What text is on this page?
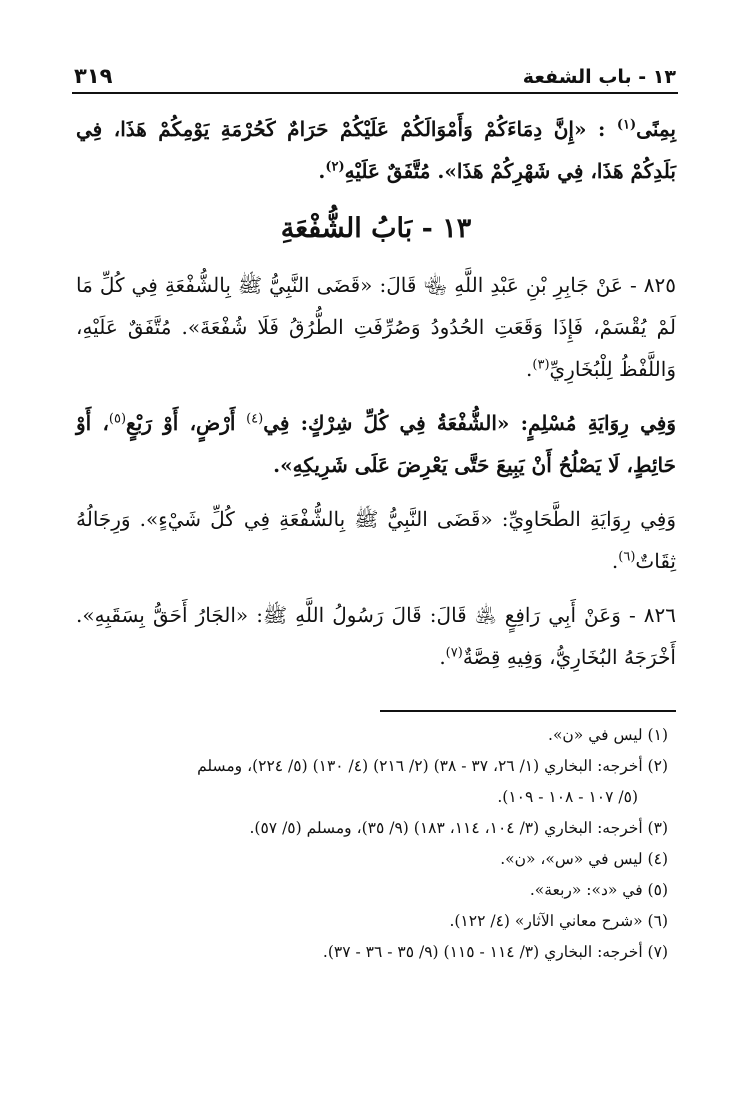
١٣ - باب الشفعة
٣١٩

بِمِنًى$^{(١)}$ : «إِنَّ دِمَاءَكُمْ وَأَمْوَالَكُمْ عَلَيْكُمْ حَرَامٌ كَحُرْمَةِ يَوْمِكُمْ هَذَا، فِي بَلَدِكُمْ هَذَا، فِي شَهْرِكُمْ هَذَا». مُتَّفَقٌ عَلَيْهِ$^{(٢)}$.

١٣ - بَابُ الشُّفْعَةِ

٨٢٥ - عَنْ جَابِرِ بْنِ عَبْدِ اللَّهِ ﵄ قَالَ: «قَضَى النَّبِيُّ ﷺ بِالشُّفْعَةِ فِي كُلِّ مَا لَمْ يُقْسَمْ، فَإِذَا وَقَعَتِ الحُدُودُ وَصُرِّفَتِ الطُّرُقُ فَلَا شُفْعَةَ». مُتَّفَقٌ عَلَيْهِ، وَاللَّفْظُ لِلْبُخَارِيِّ$^{(٣)}$.

وَفِي رِوَايَةِ مُسْلِمٍ: «الشُّفْعَةُ فِي كُلِّ شِرْكٍ: فِي$^{(٤)}$ أَرْضٍ، أَوْ رَبْعٍ$^{(٥)}$، أَوْ حَائِطٍ، لَا يَصْلُحُ أَنْ يَبِيعَ حَتَّى يَعْرِضَ عَلَى شَرِيكِهِ».

وَفِي رِوَايَةِ الطَّحَاوِيِّ: «قَضَى النَّبِيُّ ﷺ بِالشُّفْعَةِ فِي كُلِّ شَيْءٍ». وَرِجَالُهُ ثِقَاتٌ$^{(٦)}$.

٨٢٦ - وَعَنْ أَبِي رَافِعٍ ﵁ قَالَ: قَالَ رَسُولُ اللَّهِ ﷺ: «الجَارُ أَحَقُّ بِسَقَبِهِ». أَخْرَجَهُ البُخَارِيُّ، وَفِيهِ قِصَّةٌ$^{(٧)}$.

(١) ليس في «ن».

(٢) أخرجه: البخاري (١/ ٢٦، ٣٧ - ٣٨) (٢/ ٢١٦) (٤/ ١٣٠) (٥/ ٢٢٤)، ومسلم
(٥/ ١٠٧ - ١٠٨ - ١٠٩).

(٣) أخرجه: البخاري (٣/ ١٠٤، ١١٤، ١٨٣) (٩/ ٣٥)، ومسلم (٥/ ٥٧).

(٤) ليس في «س»، «ن».

(٥) في «د»: «ربعة».

(٦) «شرح معاني الآثار» (٤/ ١٢٢).

(٧) أخرجه: البخاري (٣/ ١١٤ - ١١٥) (٩/ ٣٥ - ٣٦ - ٣٧).
